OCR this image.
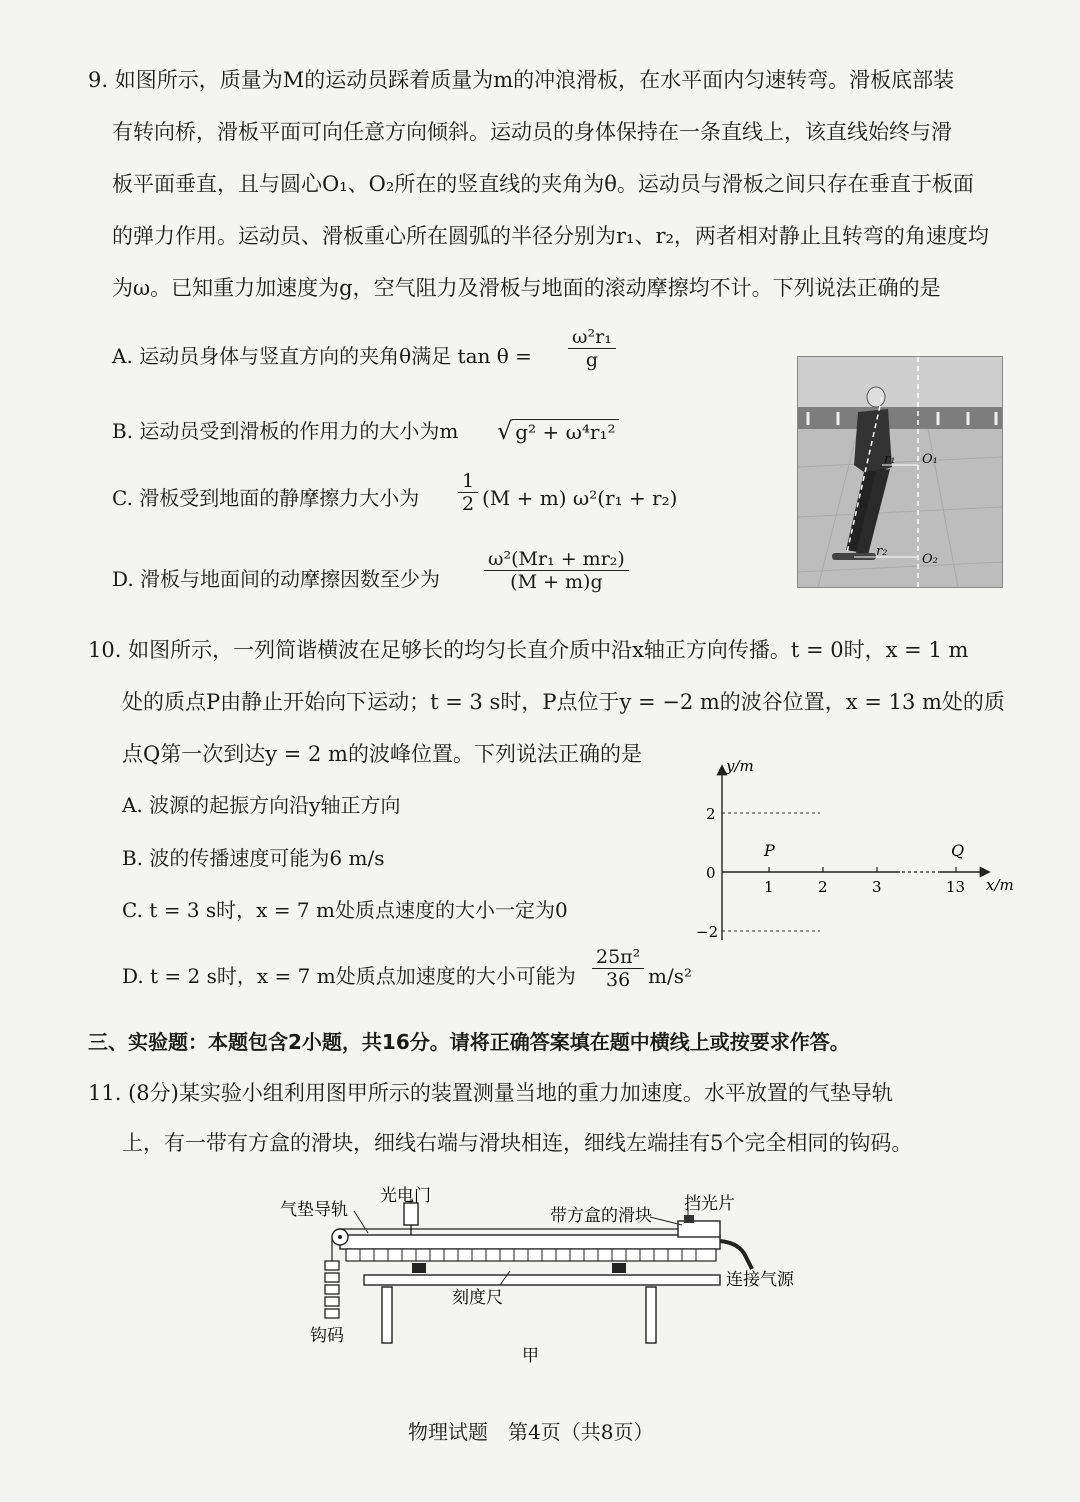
9. 如图所示，质量为M的运动员踩着质量为m的冲浪滑板，在水平面内匀速转弯。滑板底部装
有转向桥，滑板平面可向任意方向倾斜。运动员的身体保持在一条直线上，该直线始终与滑
板平面垂直，且与圆心O₁、O₂所在的竖直线的夹角为θ。运动员与滑板之间只存在垂直于板面
的弹力作用。运动员、滑板重心所在圆弧的半径分别为r₁、r₂，两者相对静止且转弯的角速度均
为ω。已知重力加速度为g，空气阻力及滑板与地面的滚动摩擦均不计。下列说法正确的是
A. 运动员身体与竖直方向的夹角θ满足 $\tan \theta = \frac{\text{ω²r₁}}{g}$
B. 运动员受到滑板的作用力的大小为m √ g² + ω⁴r₁²
C. 滑板受到地面的静摩擦力大小为 $\frac{1}{2} (M + m) \omega^2(r_1 + r_2)$
D. 滑板与地面间的动摩擦因数至少为 $\frac{\text{ω²(Mr₁ + mr₂)}}{(M + m)g}$
r₁ O₁
r₂
O₂
10. 如图所示，一列简谐横波在足够长的均匀长直介质中沿x轴正方向传播。t = 0时，x = 1 m
处的质点P由静止开始向下运动；t = 3 s时，P点位于y = −2 m的波谷位置，x = 13 m处的质
点Q第一次到达y = 2 m的波峰位置。下列说法正确的是
A. 波源的起振方向沿y轴正方向
B. 波的传播速度可能为6 m/s
C. t = 3 s时，x = 7 m处质点速度的大小一定为0
D. t = 2 s时，x = 7 m处质点加速度的大小可能为 $\frac{\text{25π²}}{36} m/s^2$
y/m
x/m
2
0
−2
1	2	3	13
P	Q
三、实验题：本题包含2小题，共16分。请将正确答案填在题中横线上或按要求作答。
11. (8分)某实验小组利用图甲所示的装置测量当地的重力加速度。水平放置的气垫导轨
上，有一带有方盒的滑块，细线右端与滑块相连，细线左端挂有5个完全相同的钩码。
气垫导轨
光电门
带方盒的滑块
挡光片
连接气源
刻度尺
钩码
甲
物理试题　第4页（共8页）
